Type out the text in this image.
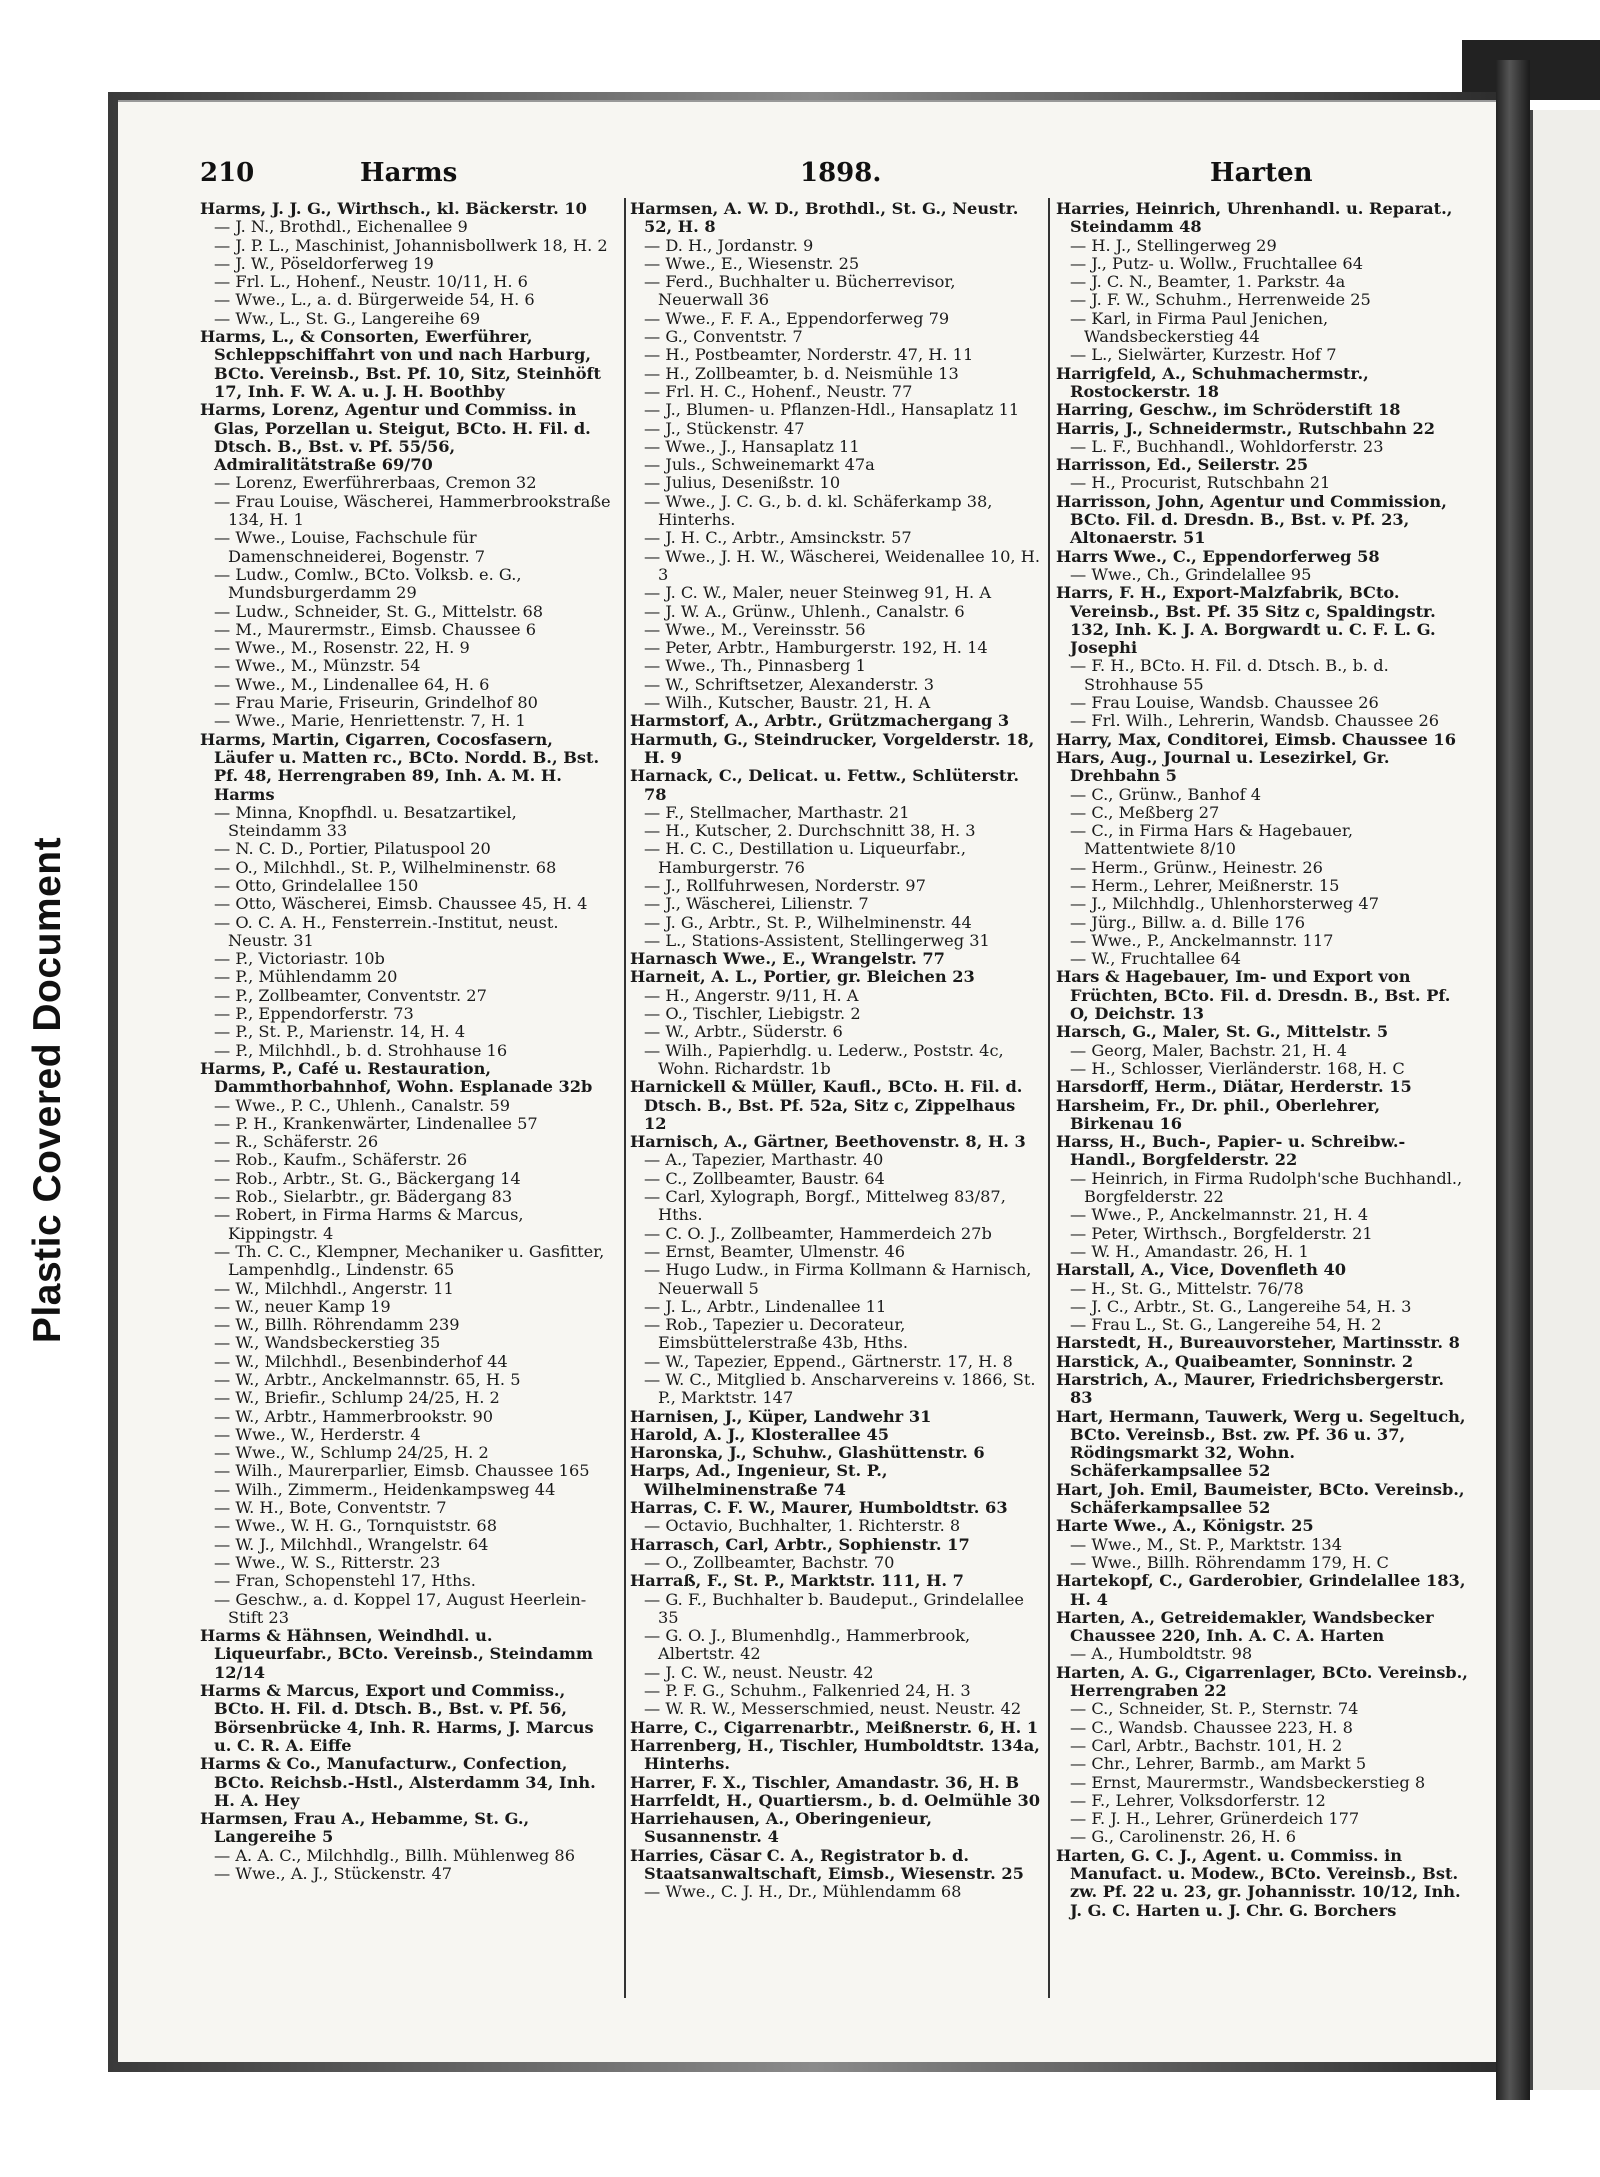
Plastic Covered Document
210	Harms	1898.	Harten

Harms, J. J. G., Wirthsch., kl. Bäckerstr. 10

— J. N., Brothdl., Eichenallee 9

— J. P. L., Maschinist, Johannisbollwerk 18, H. 2

— J. W., Pöseldorferweg 19

— Frl. L., Hohenf., Neustr. 10/11, H. 6

— Wwe., L., a. d. Bürgerweide 54, H. 6

— Ww., L., St. G., Langereihe 69

Harms, L., & Consorten, Ewerführer, Schleppschiffahrt von und nach Harburg, BCto. Vereinsb., Bst. Pf. 10, Sitz, Steinhöft 17, Inh. F. W. A. u. J. H. Boothby

Harms, Lorenz, Agentur und Commiss. in Glas, Porzellan u. Steigut, BCto. H. Fil. d. Dtsch. B., Bst. v. Pf. 55/56, Admiralitätstraße 69/70

— Lorenz, Ewerführerbaas, Cremon 32

— Frau Louise, Wäscherei, Hammerbrookstraße 134, H. 1

— Wwe., Louise, Fachschule für Damenschneiderei, Bogenstr. 7

— Ludw., Comlw., BCto. Volksb. e. G., Mundsburgerdamm 29

— Ludw., Schneider, St. G., Mittelstr. 68

— M., Maurermstr., Eimsb. Chaussee 6

— Wwe., M., Rosenstr. 22, H. 9

— Wwe., M., Münzstr. 54

— Wwe., M., Lindenallee 64, H. 6

— Frau Marie, Friseurin, Grindelhof 80

— Wwe., Marie, Henriettenstr. 7, H. 1

Harms, Martin, Cigarren, Cocosfasern, Läufer u. Matten rc., BCto. Nordd. B., Bst. Pf. 48, Herrengraben 89, Inh. A. M. H. Harms

— Minna, Knopfhdl. u. Besatzartikel, Steindamm 33

— N. C. D., Portier, Pilatuspool 20

— O., Milchhdl., St. P., Wilhelminenstr. 68

— Otto, Grindelallee 150

— Otto, Wäscherei, Eimsb. Chaussee 45, H. 4

— O. C. A. H., Fensterrein.-Institut, neust. Neustr. 31

— P., Victoriastr. 10b

— P., Mühlendamm 20

— P., Zollbeamter, Conventstr. 27

— P., Eppendorferstr. 73

— P., St. P., Marienstr. 14, H. 4

— P., Milchhdl., b. d. Strohhause 16

Harms, P., Café u. Restauration, Dammthorbahnhof, Wohn. Esplanade 32b

— Wwe., P. C., Uhlenh., Canalstr. 59

— P. H., Krankenwärter, Lindenallee 57

— R., Schäferstr. 26

— Rob., Kaufm., Schäferstr. 26

— Rob., Arbtr., St. G., Bäckergang 14

— Rob., Sielarbtr., gr. Bädergang 83

— Robert, in Firma Harms & Marcus, Kippingstr. 4

— Th. C. C., Klempner, Mechaniker u. Gasfitter, Lampenhdlg., Lindenstr. 65

— W., Milchhdl., Angerstr. 11

— W., neuer Kamp 19

— W., Billh. Röhrendamm 239

— W., Wandsbeckerstieg 35

— W., Milchhdl., Besenbinderhof 44

— W., Arbtr., Anckelmannstr. 65, H. 5

— W., Briefir., Schlump 24/25, H. 2

— W., Arbtr., Hammerbrookstr. 90

— Wwe., W., Herderstr. 4

— Wwe., W., Schlump 24/25, H. 2

— Wilh., Maurerparlier, Eimsb. Chaussee 165

— Wilh., Zimmerm., Heidenkampsweg 44

— W. H., Bote, Conventstr. 7

— Wwe., W. H. G., Tornquiststr. 68

— W. J., Milchhdl., Wrangelstr. 64

— Wwe., W. S., Ritterstr. 23

— Fran, Schopenstehl 17, Hths.

— Geschw., a. d. Koppel 17, August Heerlein-Stift 23

Harms & Hähnsen, Weindhdl. u. Liqueurfabr., BCto. Vereinsb., Steindamm 12/14

Harms & Marcus, Export und Commiss., BCto. H. Fil. d. Dtsch. B., Bst. v. Pf. 56, Börsenbrücke 4, Inh. R. Harms, J. Marcus u. C. R. A. Eiffe

Harms & Co., Manufacturw., Confection, BCto. Reichsb.-Hstl., Alsterdamm 34, Inh. H. A. Hey

Harmsen, Frau A., Hebamme, St. G., Langereihe 5

— A. A. C., Milchhdlg., Billh. Mühlenweg 86

— Wwe., A. J., Stückenstr. 47

Harmsen, A. W. D., Brothdl., St. G., Neustr. 52, H. 8

— D. H., Jordanstr. 9

— Wwe., E., Wiesenstr. 25

— Ferd., Buchhalter u. Bücherrevisor, Neuerwall 36

— Wwe., F. F. A., Eppendorferweg 79

— G., Conventstr. 7

— H., Postbeamter, Norderstr. 47, H. 11

— H., Zollbeamter, b. d. Neismühle 13

— Frl. H. C., Hohenf., Neustr. 77

— J., Blumen- u. Pflanzen-Hdl., Hansaplatz 11

— J., Stückenstr. 47

— Wwe., J., Hansaplatz 11

— Juls., Schweinemarkt 47a

— Julius, Desenißstr. 10

— Wwe., J. C. G., b. d. kl. Schäferkamp 38, Hinterhs.

— J. H. C., Arbtr., Amsinckstr. 57

— Wwe., J. H. W., Wäscherei, Weidenallee 10, H. 3

— J. C. W., Maler, neuer Steinweg 91, H. A

— J. W. A., Grünw., Uhlenh., Canalstr. 6

— Wwe., M., Vereinsstr. 56

— Peter, Arbtr., Hamburgerstr. 192, H. 14

— Wwe., Th., Pinnasberg 1

— W., Schriftsetzer, Alexanderstr. 3

— Wilh., Kutscher, Baustr. 21, H. A

Harmstorf, A., Arbtr., Grützmachergang 3

Harmuth, G., Steindrucker, Vorgelderstr. 18, H. 9

Harnack, C., Delicat. u. Fettw., Schlüterstr. 78

— F., Stellmacher, Marthastr. 21

— H., Kutscher, 2. Durchschnitt 38, H. 3

— H. C. C., Destillation u. Liqueurfabr., Hamburgerstr. 76

— J., Rollfuhrwesen, Norderstr. 97

— J., Wäscherei, Lilienstr. 7

— J. G., Arbtr., St. P., Wilhelminenstr. 44

— L., Stations-Assistent, Stellingerweg 31

Harnasch Wwe., E., Wrangelstr. 77

Harneit, A. L., Portier, gr. Bleichen 23

— H., Angerstr. 9/11, H. A

— O., Tischler, Liebigstr. 2

— W., Arbtr., Süderstr. 6

— Wilh., Papierhdlg. u. Lederw., Poststr. 4c, Wohn. Richardstr. 1b

Harnickell & Müller, Kaufl., BCto. H. Fil. d. Dtsch. B., Bst. Pf. 52a, Sitz c, Zippelhaus 12

Harnisch, A., Gärtner, Beethovenstr. 8, H. 3

— A., Tapezier, Marthastr. 40

— C., Zollbeamter, Baustr. 64

— Carl, Xylograph, Borgf., Mittelweg 83/87, Hths.

— C. O. J., Zollbeamter, Hammerdeich 27b

— Ernst, Beamter, Ulmenstr. 46

— Hugo Ludw., in Firma Kollmann & Harnisch, Neuerwall 5

— J. L., Arbtr., Lindenallee 11

— Rob., Tapezier u. Decorateur, Eimsbüttelerstraße 43b, Hths.

— W., Tapezier, Eppend., Gärtnerstr. 17, H. 8

— W. C., Mitglied b. Anscharvereins v. 1866, St. P., Marktstr. 147

Harnisen, J., Küper, Landwehr 31

Harold, A. J., Klosterallee 45

Haronska, J., Schuhw., Glashüttenstr. 6

Harps, Ad., Ingenieur, St. P., Wilhelminenstraße 74

Harras, C. F. W., Maurer, Humboldtstr. 63

— Octavio, Buchhalter, 1. Richterstr. 8

Harrasch, Carl, Arbtr., Sophienstr. 17

— O., Zollbeamter, Bachstr. 70

Harraß, F., St. P., Marktstr. 111, H. 7

— G. F., Buchhalter b. Baudeput., Grindelallee 35

— G. O. J., Blumenhdlg., Hammerbrook, Albertstr. 42

— J. C. W., neust. Neustr. 42

— P. F. G., Schuhm., Falkenried 24, H. 3

— W. R. W., Messerschmied, neust. Neustr. 42

Harre, C., Cigarrenarbtr., Meißnerstr. 6, H. 1

Harrenberg, H., Tischler, Humboldtstr. 134a, Hinterhs.

Harrer, F. X., Tischler, Amandastr. 36, H. B

Harrfeldt, H., Quartiersm., b. d. Oelmühle 30

Harriehausen, A., Oberingenieur, Susannenstr. 4

Harries, Cäsar C. A., Registrator b. d. Staatsanwaltschaft, Eimsb., Wiesenstr. 25

— Wwe., C. J. H., Dr., Mühlendamm 68

Harries, Heinrich, Uhrenhandl. u. Reparat., Steindamm 48

— H. J., Stellingerweg 29

— J., Putz- u. Wollw., Fruchtallee 64

— J. C. N., Beamter, 1. Parkstr. 4a

— J. F. W., Schuhm., Herrenweide 25

— Karl, in Firma Paul Jenichen, Wandsbeckerstieg 44

— L., Sielwärter, Kurzestr. Hof 7

Harrigfeld, A., Schuhmachermstr., Rostockerstr. 18

Harring, Geschw., im Schröderstift 18

Harris, J., Schneidermstr., Rutschbahn 22

— L. F., Buchhandl., Wohldorferstr. 23

Harrisson, Ed., Seilerstr. 25

— H., Procurist, Rutschbahn 21

Harrisson, John, Agentur und Commission, BCto. Fil. d. Dresdn. B., Bst. v. Pf. 23, Altonaerstr. 51

Harrs Wwe., C., Eppendorferweg 58

— Wwe., Ch., Grindelallee 95

Harrs, F. H., Export-Malzfabrik, BCto. Vereinsb., Bst. Pf. 35 Sitz c, Spaldingstr. 132, Inh. K. J. A. Borgwardt u. C. F. L. G. Josephi

— F. H., BCto. H. Fil. d. Dtsch. B., b. d. Strohhause 55

— Frau Louise, Wandsb. Chaussee 26

— Frl. Wilh., Lehrerin, Wandsb. Chaussee 26

Harry, Max, Conditorei, Eimsb. Chaussee 16

Hars, Aug., Journal u. Lesezirkel, Gr. Drehbahn 5

— C., Grünw., Banhof 4

— C., Meßberg 27

— C., in Firma Hars & Hagebauer, Mattentwiete 8/10

— Herm., Grünw., Heinestr. 26

— Herm., Lehrer, Meißnerstr. 15

— J., Milchhdlg., Uhlenhorsterweg 47

— Jürg., Billw. a. d. Bille 176

— Wwe., P., Anckelmannstr. 117

— W., Fruchtallee 64

Hars & Hagebauer, Im- und Export von Früchten, BCto. Fil. d. Dresdn. B., Bst. Pf. O, Deichstr. 13

Harsch, G., Maler, St. G., Mittelstr. 5

— Georg, Maler, Bachstr. 21, H. 4

— H., Schlosser, Vierländerstr. 168, H. C

Harsdorff, Herm., Diätar, Herderstr. 15

Harsheim, Fr., Dr. phil., Oberlehrer, Birkenau 16

Harss, H., Buch-, Papier- u. Schreibw.-Handl., Borgfelderstr. 22

— Heinrich, in Firma Rudolph'sche Buchhandl., Borgfelderstr. 22

— Wwe., P., Anckelmannstr. 21, H. 4

— Peter, Wirthsch., Borgfelderstr. 21

— W. H., Amandastr. 26, H. 1

Harstall, A., Vice, Dovenfleth 40

— H., St. G., Mittelstr. 76/78

— J. C., Arbtr., St. G., Langereihe 54, H. 3

— Frau L., St. G., Langereihe 54, H. 2

Harstedt, H., Bureauvorsteher, Martinsstr. 8

Harstick, A., Quaibeamter, Sonninstr. 2

Harstrich, A., Maurer, Friedrichsbergerstr. 83

Hart, Hermann, Tauwerk, Werg u. Segeltuch, BCto. Vereinsb., Bst. zw. Pf. 36 u. 37, Rödingsmarkt 32, Wohn. Schäferkampsallee 52

Hart, Joh. Emil, Baumeister, BCto. Vereinsb., Schäferkampsallee 52

Harte Wwe., A., Königstr. 25

— Wwe., M., St. P., Marktstr. 134

— Wwe., Billh. Röhrendamm 179, H. C

Hartekopf, C., Garderobier, Grindelallee 183, H. 4

Harten, A., Getreidemakler, Wandsbecker Chaussee 220, Inh. A. C. A. Harten

— A., Humboldtstr. 98

Harten, A. G., Cigarrenlager, BCto. Vereinsb., Herrengraben 22

— C., Schneider, St. P., Sternstr. 74

— C., Wandsb. Chaussee 223, H. 8

— Carl, Arbtr., Bachstr. 101, H. 2

— Chr., Lehrer, Barmb., am Markt 5

— Ernst, Maurermstr., Wandsbeckerstieg 8

— F., Lehrer, Volksdorferstr. 12

— F. J. H., Lehrer, Grünerdeich 177

— G., Carolinenstr. 26, H. 6

Harten, G. C. J., Agent. u. Commiss. in Manufact. u. Modew., BCto. Vereinsb., Bst. zw. Pf. 22 u. 23, gr. Johannisstr. 10/12, Inh. J. G. C. Harten u. J. Chr. G. Borchers
